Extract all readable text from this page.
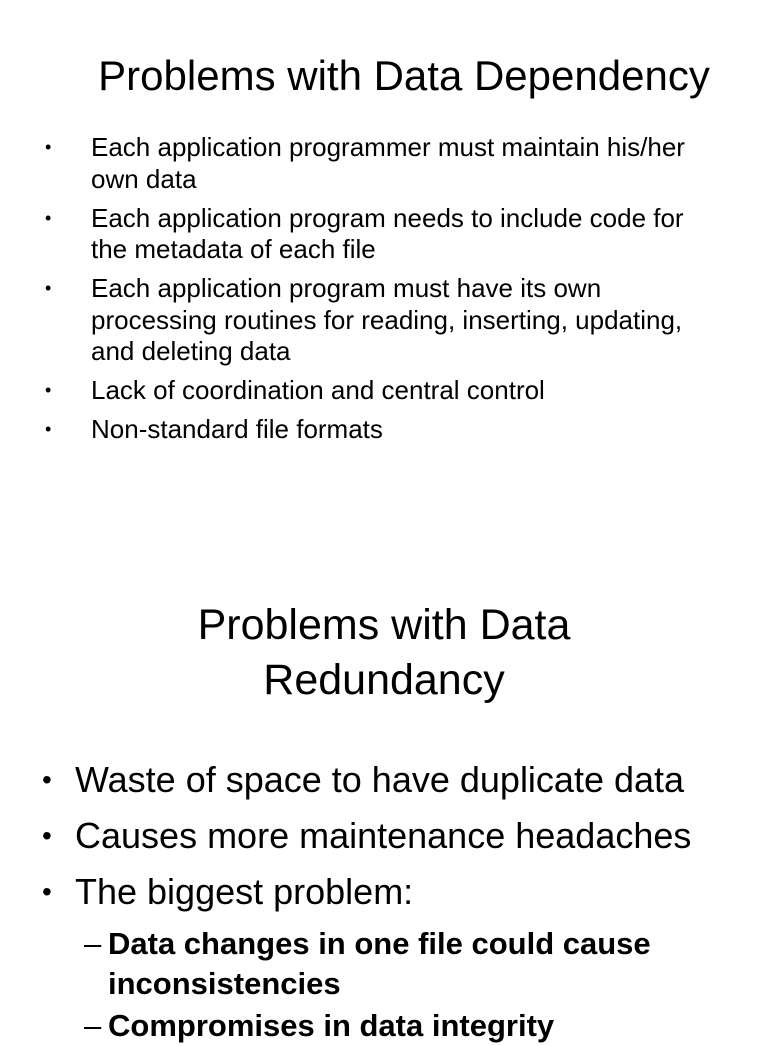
Problems with Data Dependency
• Each application programmer must maintain his/her own data
• Each application program needs to include code for the metadata of each file
• Each application program must have its own processing routines for reading, inserting, updating, and deleting data
• Lack of coordination and central control
• Non-standard file formats
Problems with Data
Redundancy
• Waste of space to have duplicate data
• Causes more maintenance headaches
• The biggest problem:
– Data changes in one file could cause inconsistencies
– Compromises in data integrity
